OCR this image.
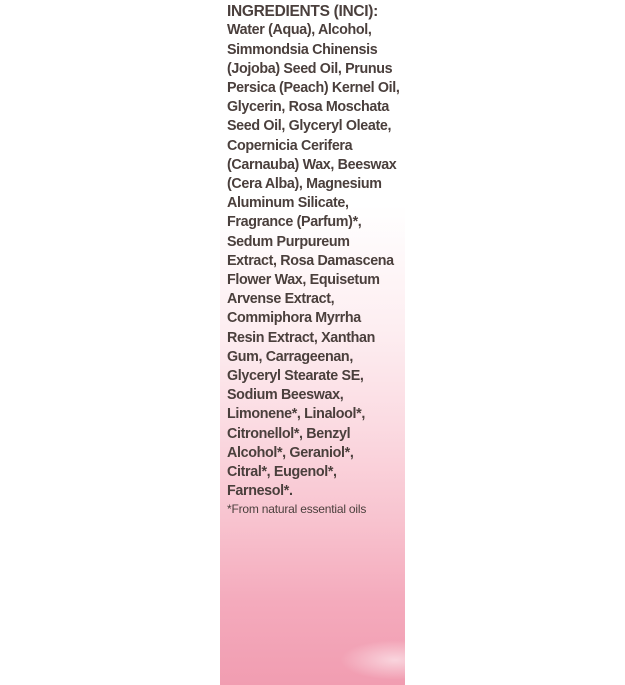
INGREDIENTS (INCI):

Water (Aqua), Alcohol,

Simmondsia Chinensis

(Jojoba) Seed Oil, Prunus

Persica (Peach) Kernel Oil,

Glycerin, Rosa Moschata

Seed Oil, Glyceryl Oleate,

Copernicia Cerifera

(Carnauba) Wax, Beeswax

(Cera Alba), Magnesium

Aluminum Silicate,

Fragrance (Parfum)*,

Sedum Purpureum

Extract, Rosa Damascena

Flower Wax, Equisetum

Arvense Extract,

Commiphora Myrrha

Resin Extract, Xanthan

Gum, Carrageenan,

Glyceryl Stearate SE,

Sodium Beeswax,

Limonene*, Linalool*,

Citronellol*, Benzyl

Alcohol*, Geraniol*,

Citral*, Eugenol*,

Farnesol*.

*From natural essential oils
